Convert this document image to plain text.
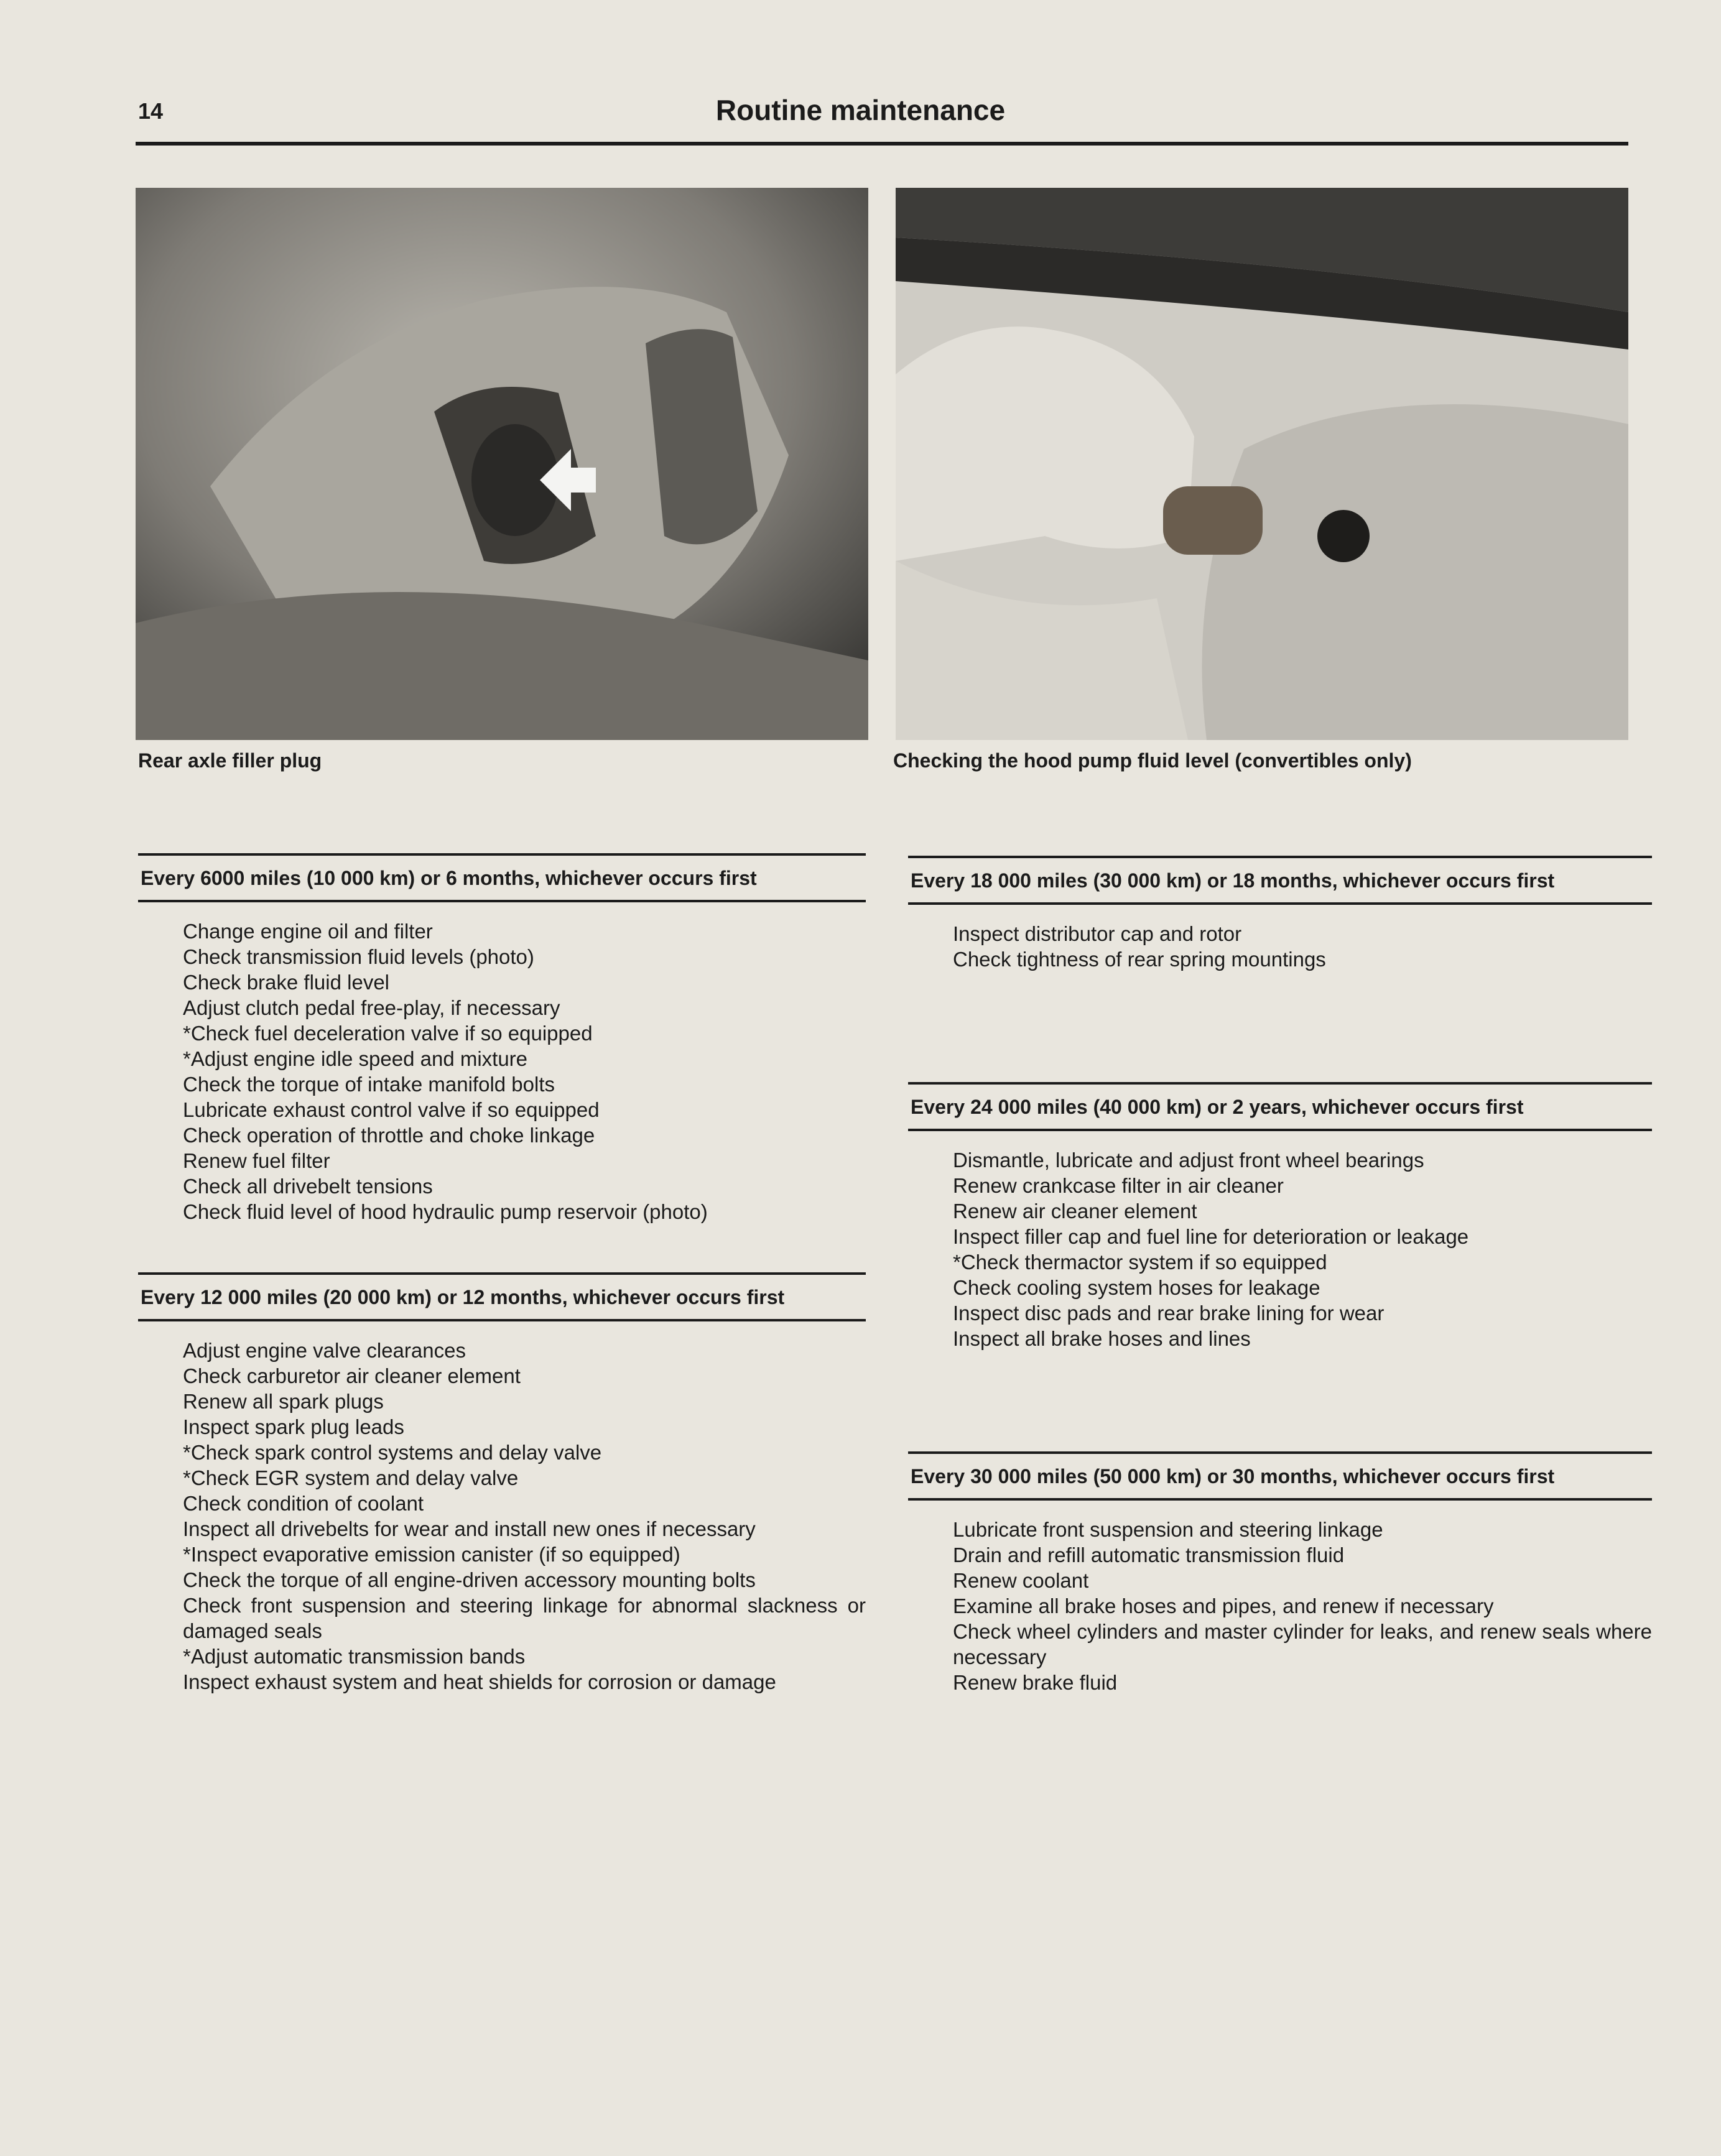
14	Routine maintenance
Rear axle filler plug	Checking the hood pump fluid level (convertibles only)
Every 6000 miles (10 000 km) or 6 months, whichever occurs first
Change engine oil and filter
Check transmission fluid levels (photo)
Check brake fluid level
Adjust clutch pedal free-play, if necessary
*Check fuel deceleration valve if so equipped
*Adjust engine idle speed and mixture
Check the torque of intake manifold bolts
Lubricate exhaust control valve if so equipped
Check operation of throttle and choke linkage
Renew fuel filter
Check all drivebelt tensions
Check fluid level of hood hydraulic pump reservoir (photo)
Every 12 000 miles (20 000 km) or 12 months, whichever occurs first
Adjust engine valve clearances
Check carburetor air cleaner element
Renew all spark plugs
Inspect spark plug leads
*Check spark control systems and delay valve
*Check EGR system and delay valve
Check condition of coolant
Inspect all drivebelts for wear and install new ones if necessary
*Inspect evaporative emission canister (if so equipped)
Check the torque of all engine-driven accessory mounting bolts
Check front suspension and steering linkage for abnormal slackness or damaged seals
*Adjust automatic transmission bands
Inspect exhaust system and heat shields for corrosion or damage
Every 18 000 miles (30 000 km) or 18 months, whichever occurs first
Inspect distributor cap and rotor
Check tightness of rear spring mountings
Every 24 000 miles (40 000 km) or 2 years, whichever occurs first
Dismantle, lubricate and adjust front wheel bearings
Renew crankcase filter in air cleaner
Renew air cleaner element
Inspect filler cap and fuel line for deterioration or leakage
*Check thermactor system if so equipped
Check cooling system hoses for leakage
Inspect disc pads and rear brake lining for wear
Inspect all brake hoses and lines
Every 30 000 miles (50 000 km) or 30 months, whichever occurs first
Lubricate front suspension and steering linkage
Drain and refill automatic transmission fluid
Renew coolant
Examine all brake hoses and pipes, and renew if necessary
Check wheel cylinders and master cylinder for leaks, and renew seals where necessary
Renew brake fluid
